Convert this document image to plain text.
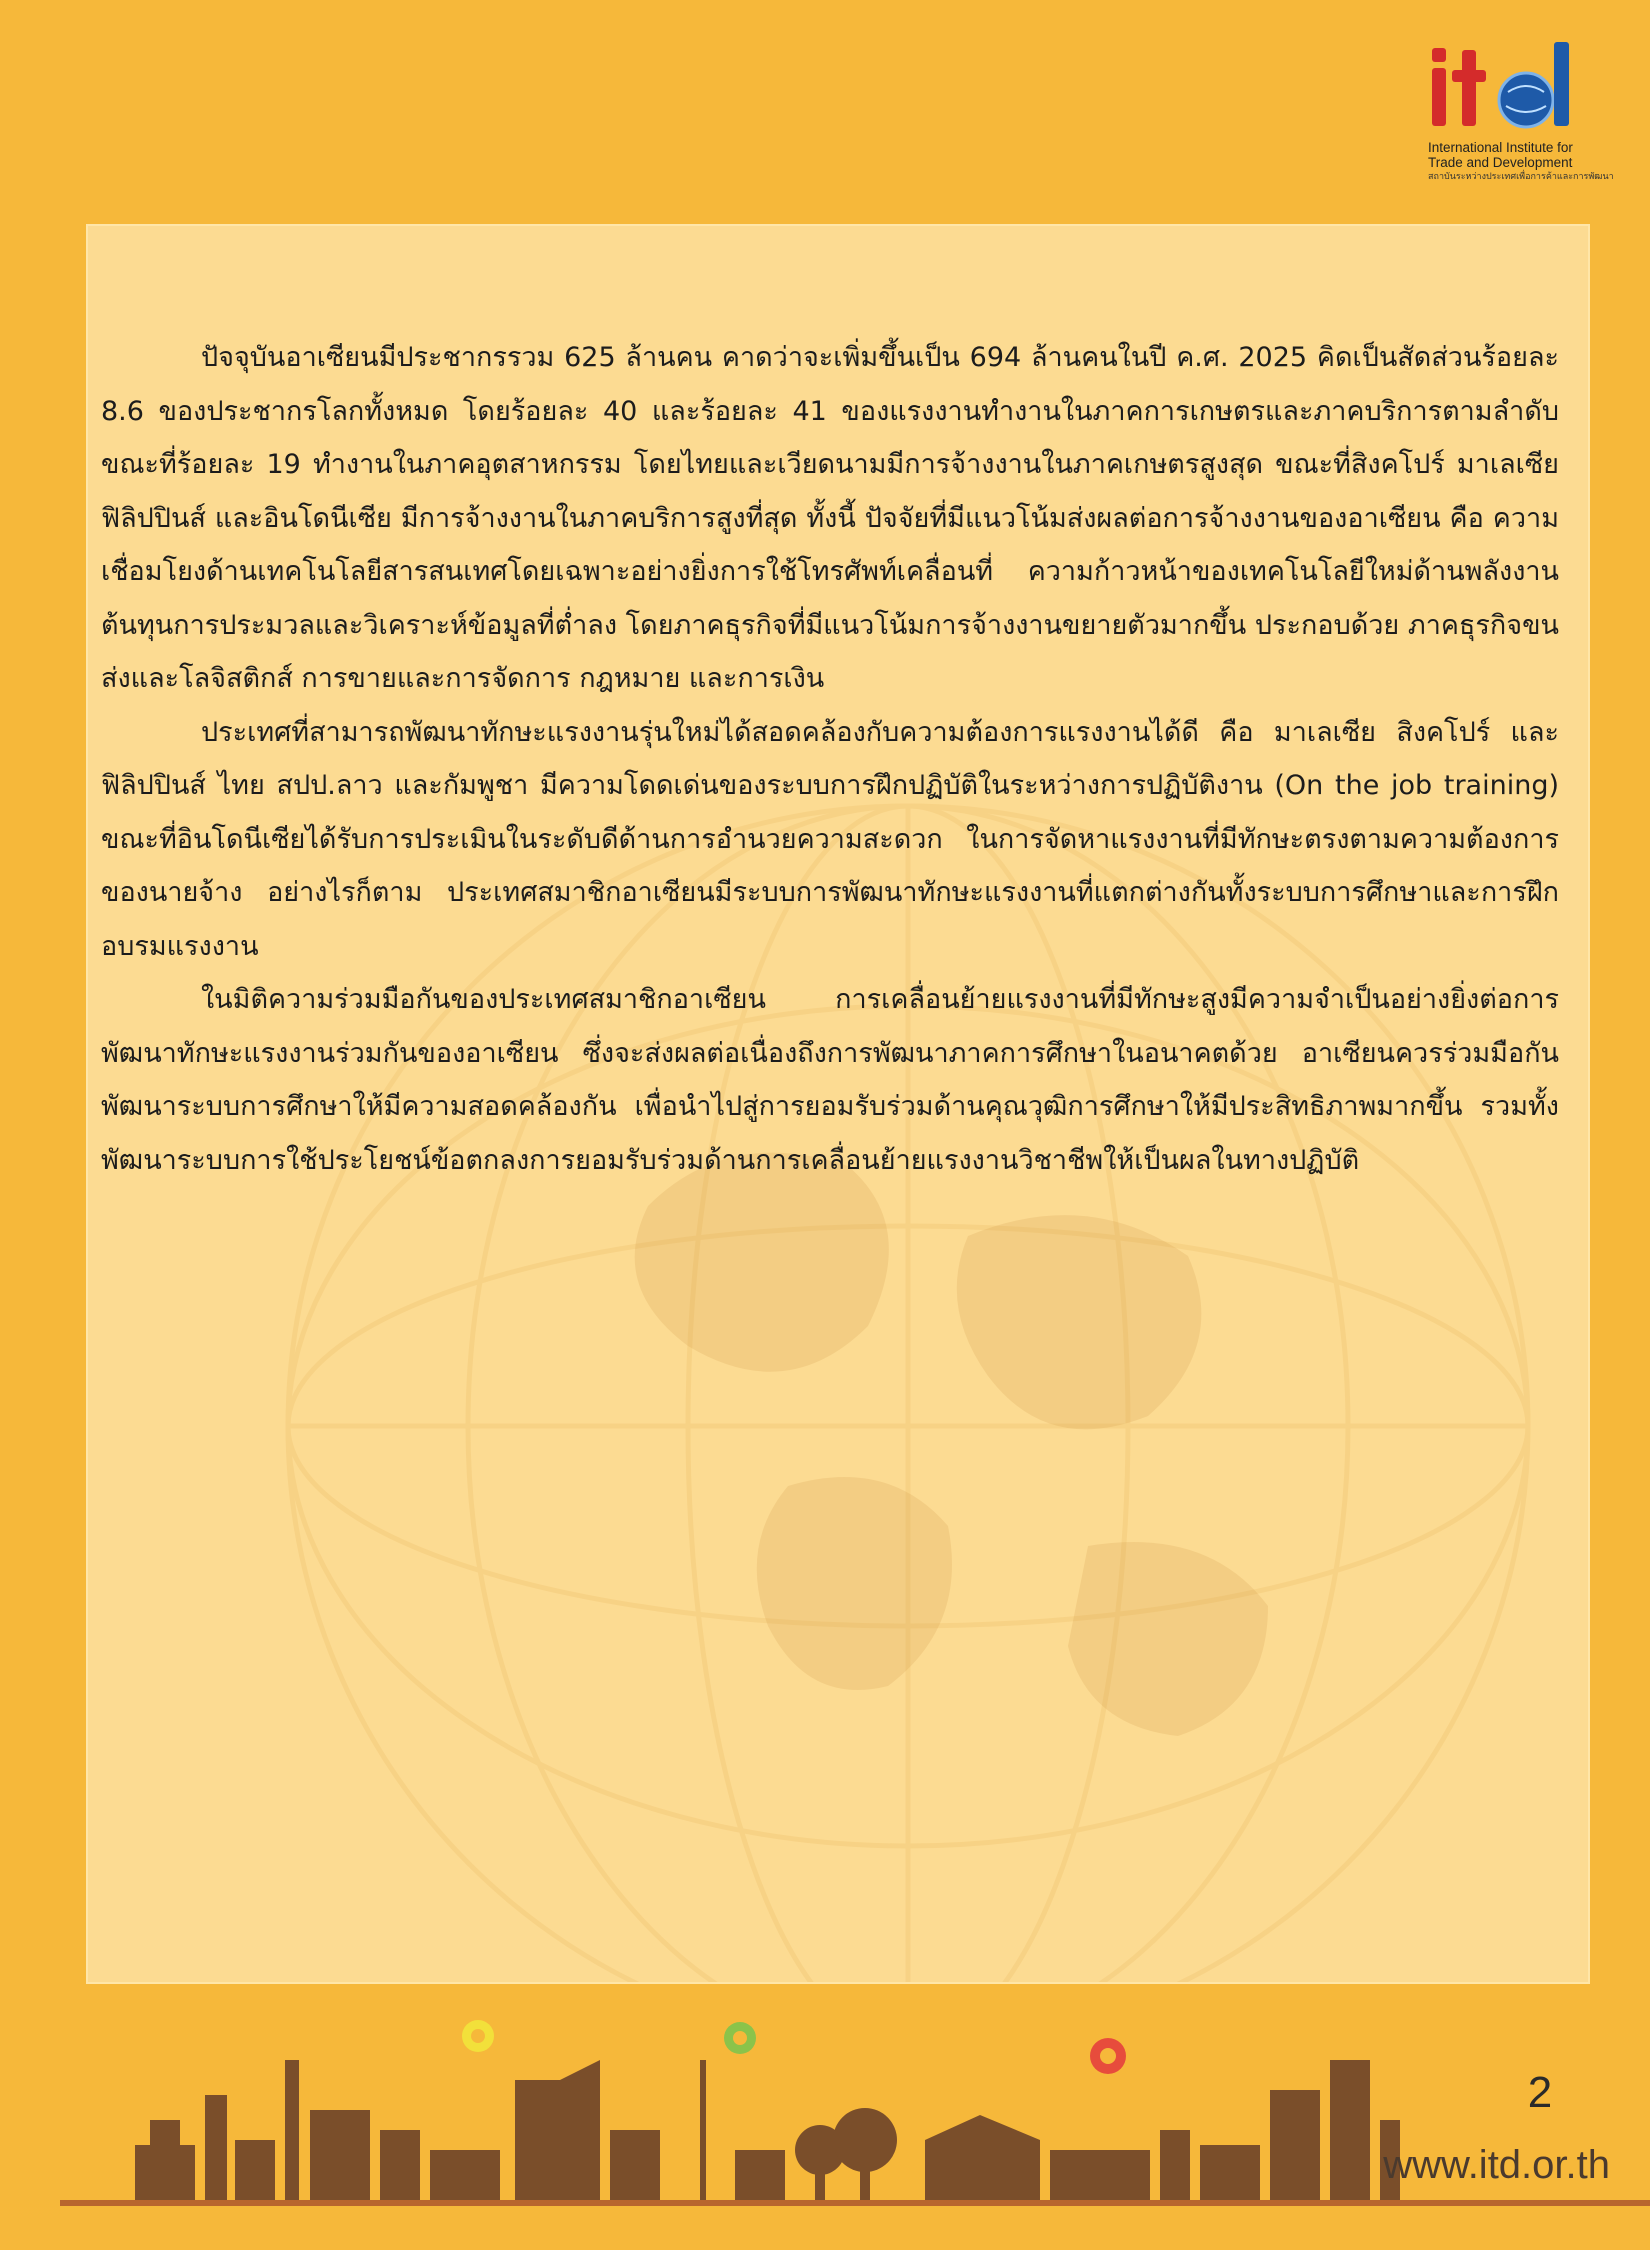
International Institute for
Trade and Development
สถาบันระหว่างประเทศเพื่อการค้าและการพัฒนา

ปัจจุบันอาเซียนมีประชากรรวม 625 ล้านคน คาดว่าจะเพิ่มขึ้นเป็น 694 ล้านคนในปี ค.ศ. 2025 คิดเป็นสัดส่วนร้อยละ 8.6 ของประชากรโลกทั้งหมด โดยร้อยละ 40 และร้อยละ 41 ของแรงงานทำงานในภาคการเกษตรและภาคบริการตามลำดับ ขณะที่ร้อยละ 19 ทำงานในภาคอุตสาหกรรม โดยไทยและเวียดนามมีการจ้างงานในภาคเกษตรสูงสุด ขณะที่สิงคโปร์ มาเลเซีย ฟิลิปปินส์ และอินโดนีเซีย มีการจ้างงานในภาคบริการสูงที่สุด ทั้งนี้ ปัจจัยที่มีแนวโน้มส่งผลต่อการจ้างงานของอาเซียน คือ ความเชื่อมโยงด้านเทคโนโลยีสารสนเทศโดยเฉพาะอย่างยิ่งการใช้โทรศัพท์เคลื่อนที่ ความก้าวหน้าของเทคโนโลยีใหม่ด้านพลังงาน ต้นทุนการประมวลและวิเคราะห์ข้อมูลที่ต่ำลง โดยภาคธุรกิจที่มีแนวโน้มการจ้างงานขยายตัวมากขึ้น ประกอบด้วย ภาคธุรกิจขนส่งและโลจิสติกส์ การขายและการจัดการ กฎหมาย และการเงิน

ประเทศที่สามารถพัฒนาทักษะแรงงานรุ่นใหม่ได้สอดคล้องกับความต้องการแรงงานได้ดี คือ มาเลเซีย สิงคโปร์ และฟิลิปปินส์ ไทย สปป.ลาว และกัมพูชา มีความโดดเด่นของระบบการฝึกปฏิบัติในระหว่างการปฏิบัติงาน (On the job training) ขณะที่อินโดนีเซียได้รับการประเมินในระดับดีด้านการอำนวยความสะดวก ในการจัดหาแรงงานที่มีทักษะตรงตามความต้องการของนายจ้าง อย่างไรก็ตาม ประเทศสมาชิกอาเซียนมีระบบการพัฒนาทักษะแรงงานที่แตกต่างกันทั้งระบบการศึกษาและการฝึกอบรมแรงงาน

ในมิติความร่วมมือกันของประเทศสมาชิกอาเซียน การเคลื่อนย้ายแรงงานที่มีทักษะสูงมีความจำเป็นอย่างยิ่งต่อการพัฒนาทักษะแรงงานร่วมกันของอาเซียน ซึ่งจะส่งผลต่อเนื่องถึงการพัฒนาภาคการศึกษาในอนาคตด้วย อาเซียนควรร่วมมือกันพัฒนาระบบการศึกษาให้มีความสอดคล้องกัน เพื่อนำไปสู่การยอมรับร่วมด้านคุณวุฒิการศึกษาให้มีประสิทธิภาพมากขึ้น รวมทั้งพัฒนาระบบการใช้ประโยชน์ข้อตกลงการยอมรับร่วมด้านการเคลื่อนย้ายแรงงานวิชาชีพให้เป็นผลในทางปฏิบัติ

2
www.itd.or.th
